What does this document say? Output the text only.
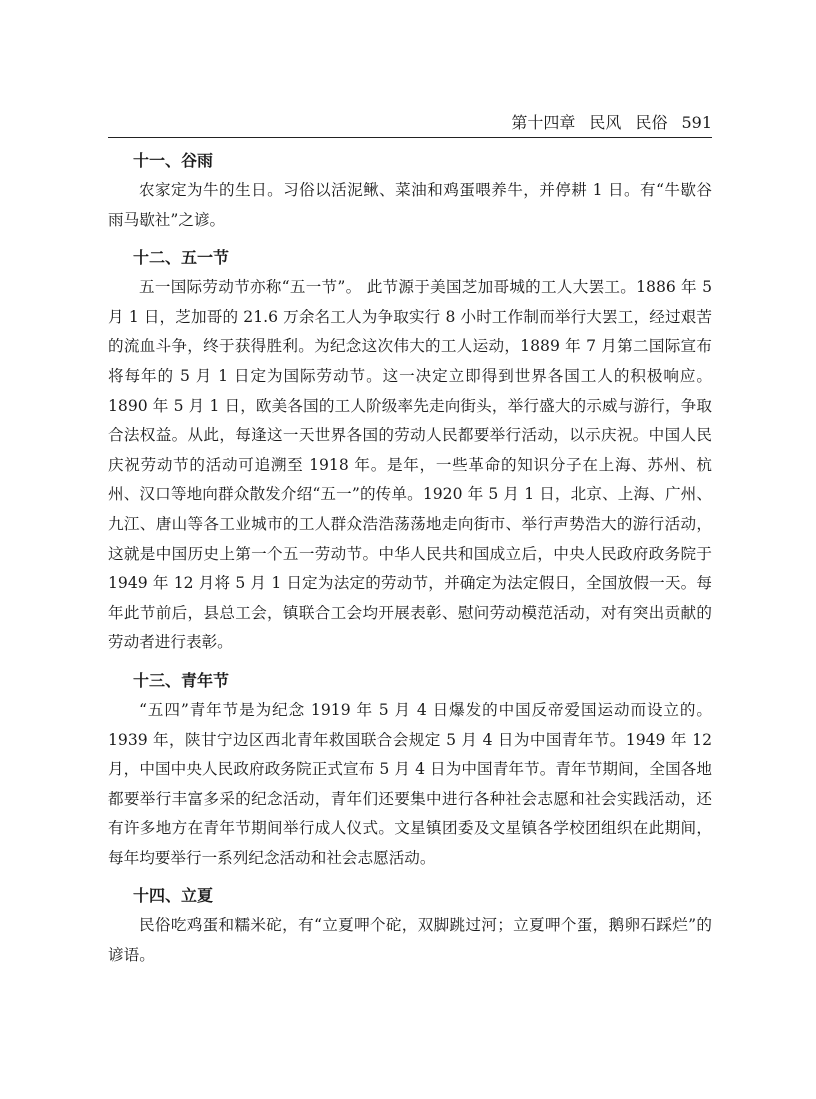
第十四章 民风 民俗 591
十一、谷雨

农家定为牛的生日。习俗以活泥鳅、菜油和鸡蛋喂养牛，并停耕 1 日。有“牛歇谷雨马歇社”之谚。

十二、五一节

五一国际劳动节亦称“五一节”。 此节源于美国芝加哥城的工人大罢工。1886 年 5 月 1 日，芝加哥的 21.6 万余名工人为争取实行 8 小时工作制而举行大罢工，经过艰苦的流血斗争，终于获得胜利。为纪念这次伟大的工人运动，1889 年 7 月第二国际宣布将每年的 5 月 1 日定为国际劳动节。这一决定立即得到世界各国工人的积极响应。1890 年 5 月 1 日，欧美各国的工人阶级率先走向街头，举行盛大的示威与游行，争取合法权益。从此，每逢这一天世界各国的劳动人民都要举行活动，以示庆祝。中国人民庆祝劳动节的活动可追溯至 1918 年。是年，一些革命的知识分子在上海、苏州、杭州、汉口等地向群众散发介绍“五一”的传单。1920 年 5 月 1 日，北京、上海、广州、九江、唐山等各工业城市的工人群众浩浩荡荡地走向街市、举行声势浩大的游行活动，这就是中国历史上第一个五一劳动节。中华人民共和国成立后，中央人民政府政务院于 1949 年 12 月将 5 月 1 日定为法定的劳动节，并确定为法定假日，全国放假一天。每年此节前后，县总工会，镇联合工会均开展表彰、慰问劳动模范活动，对有突出贡献的劳动者进行表彰。

十三、青年节

“五四”青年节是为纪念 1919 年 5 月 4 日爆发的中国反帝爱国运动而设立的。1939 年，陕甘宁边区西北青年救国联合会规定 5 月 4 日为中国青年节。1949 年 12 月，中国中央人民政府政务院正式宣布 5 月 4 日为中国青年节。青年节期间，全国各地都要举行丰富多采的纪念活动，青年们还要集中进行各种社会志愿和社会实践活动，还有许多地方在青年节期间举行成人仪式。文星镇团委及文星镇各学校团组织在此期间，每年均要举行一系列纪念活动和社会志愿活动。

十四、立夏

民俗吃鸡蛋和糯米砣，有“立夏呷个砣，双脚跳过河；立夏呷个蛋，鹅卵石踩烂”的谚语。
